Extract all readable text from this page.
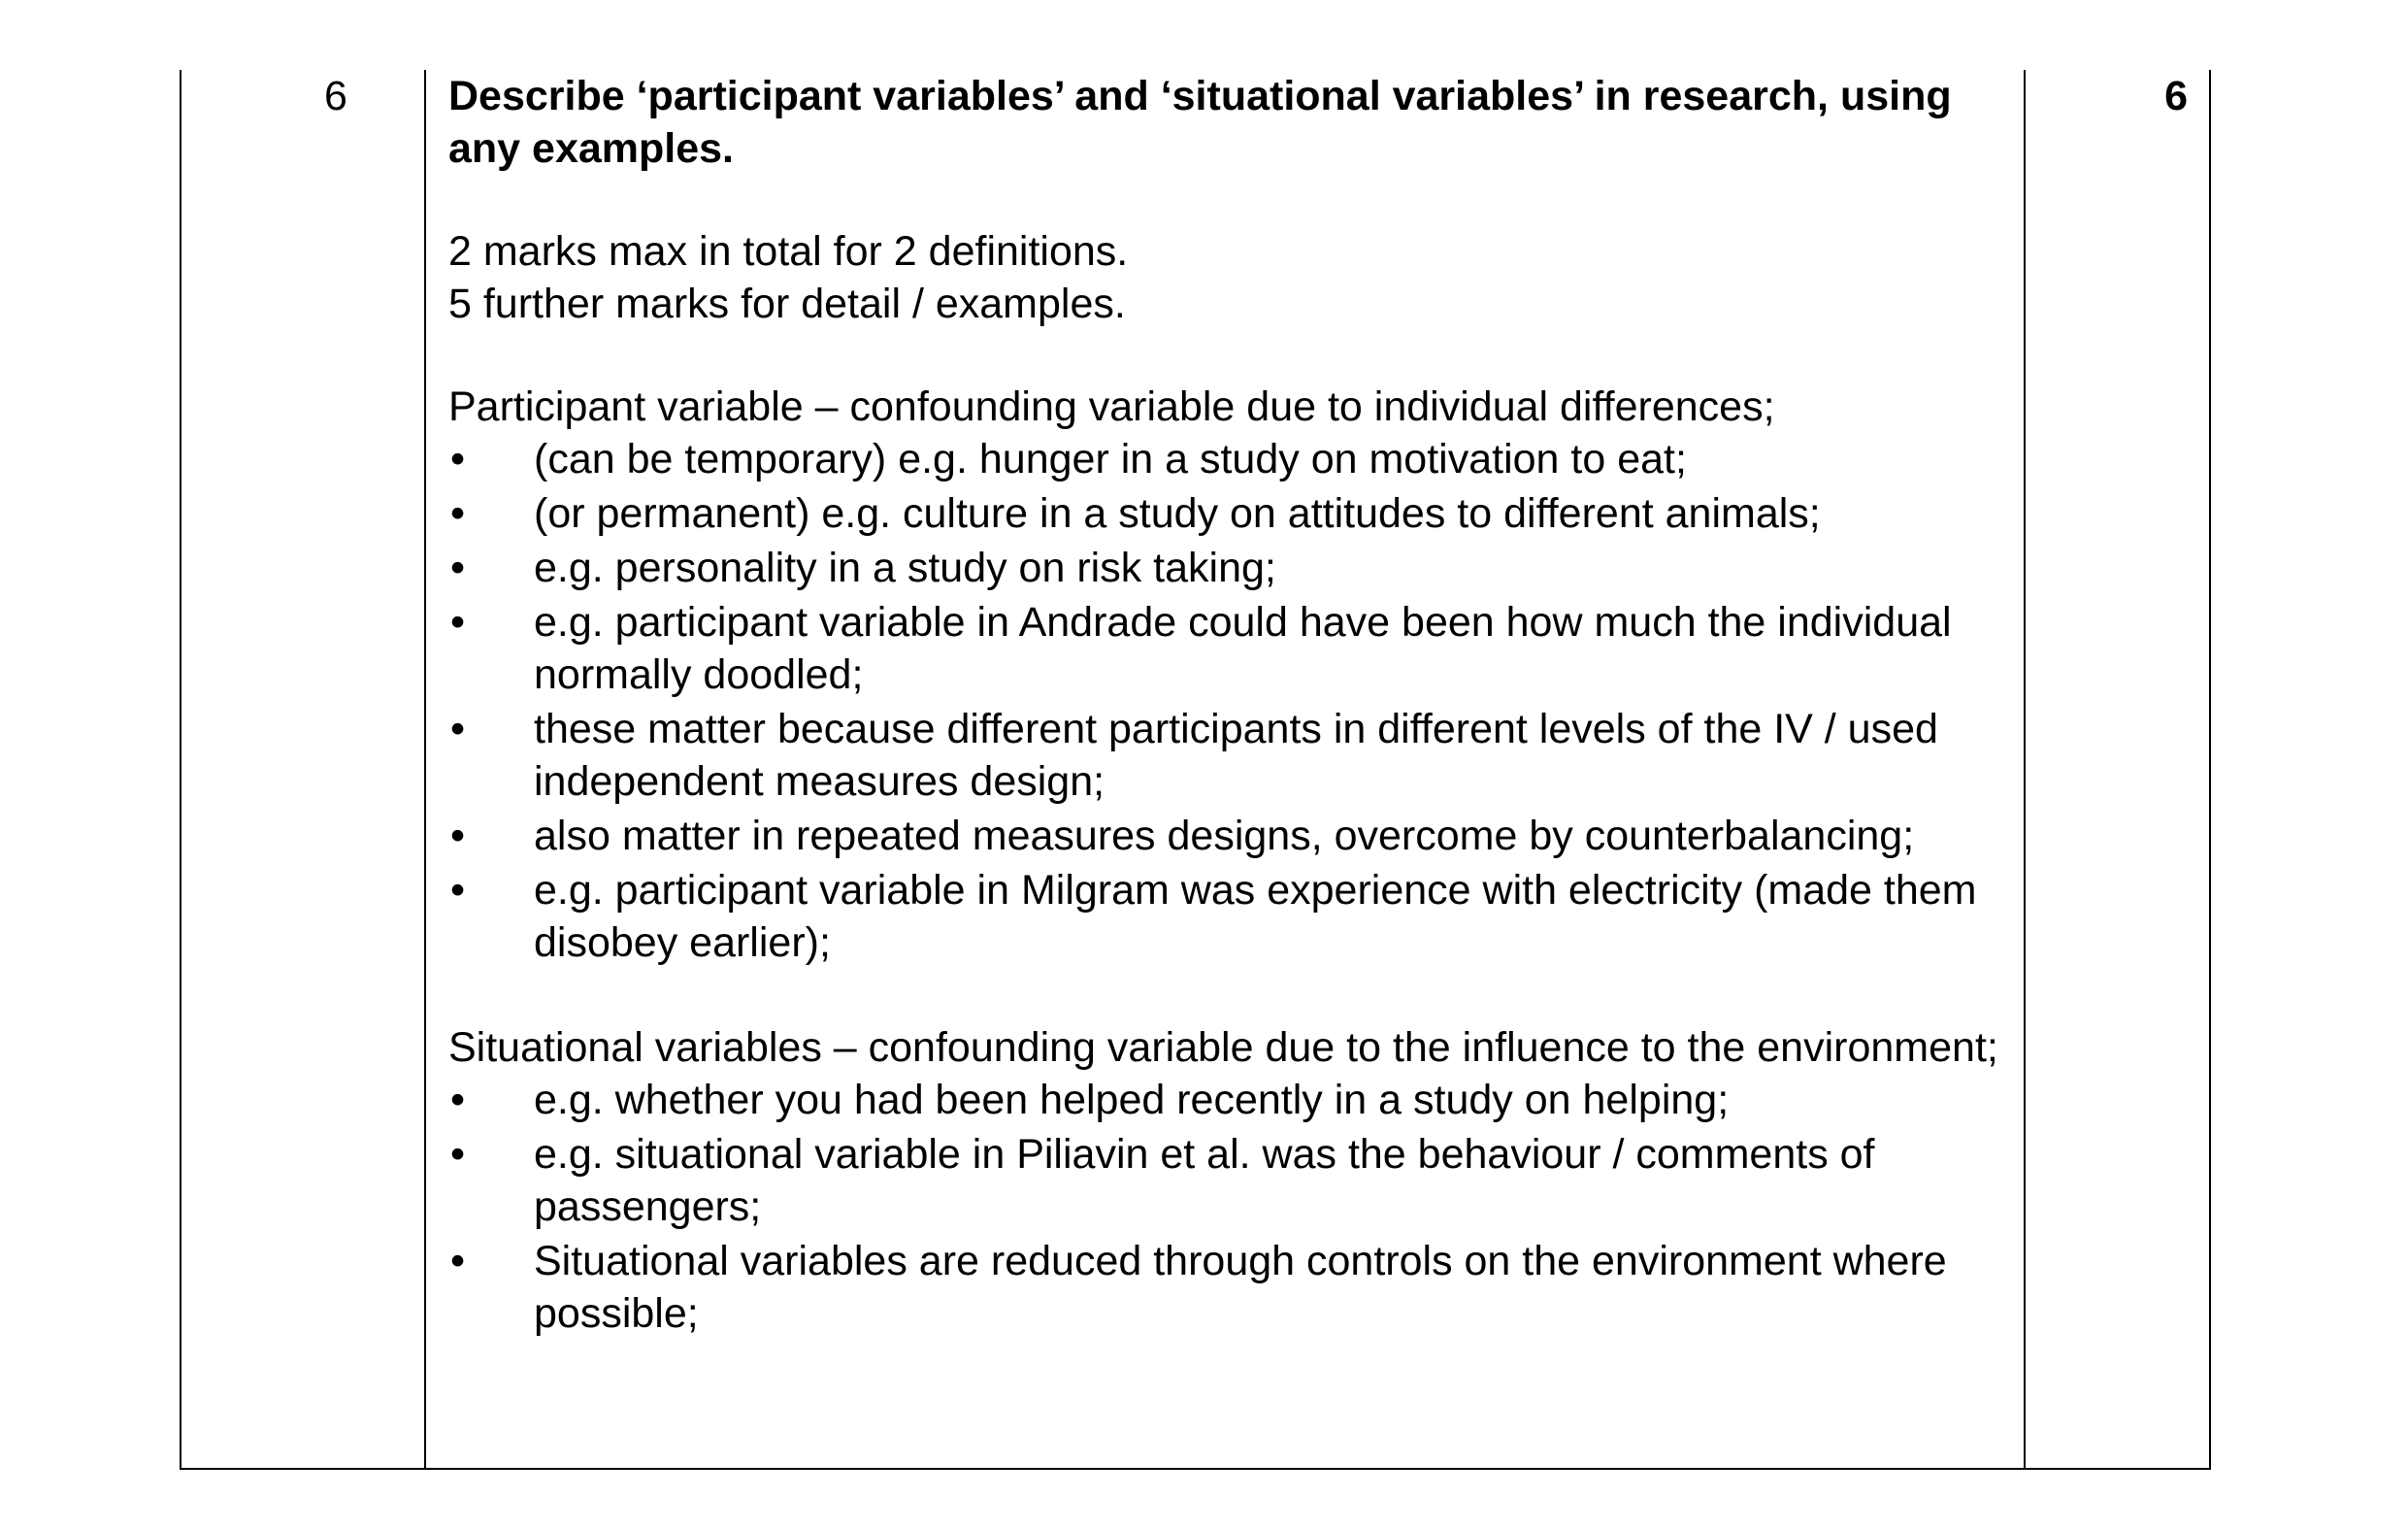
6	Describe ‘participant variables’ and ‘situational variables’ in research, using any examples.

2 marks max in total for 2 definitions.

5 further marks for detail / examples.

Participant variable – confounding variable due to individual differences;

•	(can be temporary) e.g. hunger in a study on motivation to eat;
•	(or permanent) e.g. culture in a study on attitudes to different animals;
•	e.g. personality in a study on risk taking;
•	e.g. participant variable in Andrade could have been how much the individual normally doodled;
•	these matter because different participants in different levels of the IV / used independent measures design;
•	also matter in repeated measures designs, overcome by counterbalancing;
•	e.g. participant variable in Milgram was experience with electricity (made them disobey earlier);

Situational variables – confounding variable due to the influence to the environment;

•	e.g. whether you had been helped recently in a study on helping;
•	e.g. situational variable in Piliavin et al. was the behaviour / comments of passengers;
•	Situational variables are reduced through controls on the environment where possible;
6
